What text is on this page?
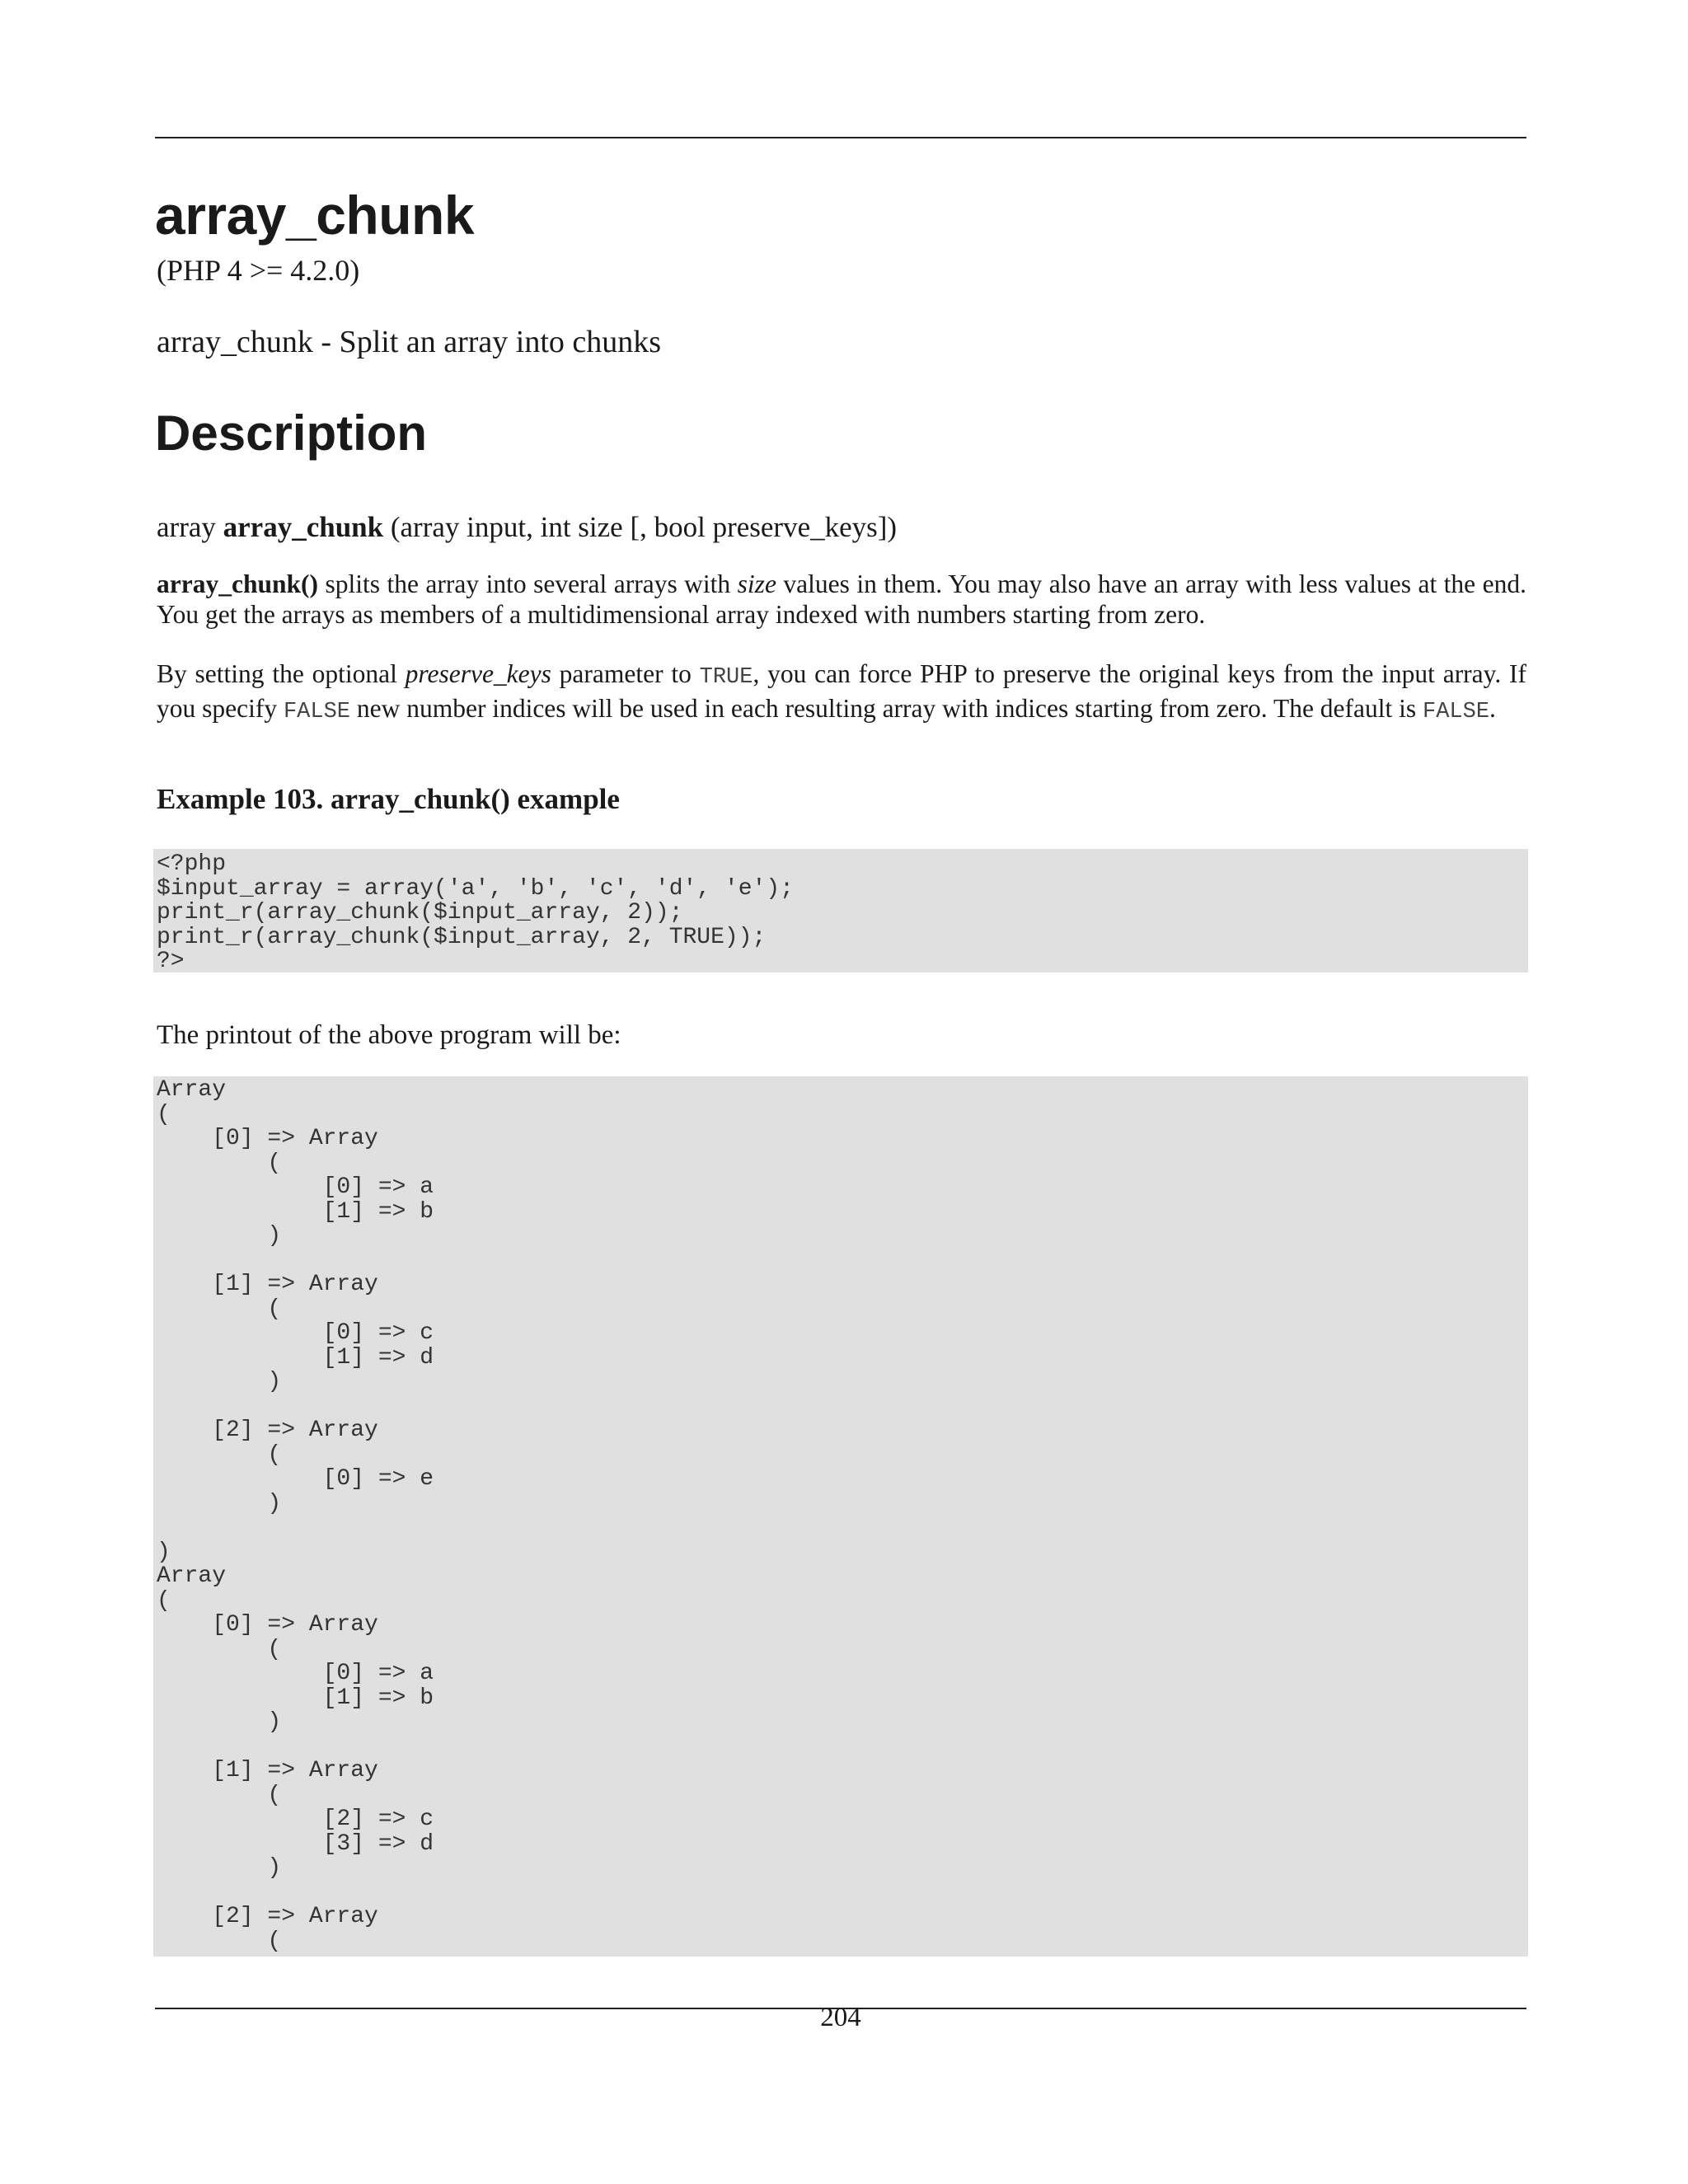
array_chunk
(PHP 4 >= 4.2.0)
array_chunk - Split an array into chunks
Description
array array_chunk (array input, int size [, bool preserve_keys])

array_chunk() splits the array into several arrays with size values in them. You may also have an array with less values at the end. You get the arrays as members of a multidimensional array indexed with numbers starting from zero.

By setting the optional preserve_keys parameter to TRUE, you can force PHP to preserve the original keys from the input array. If you specify FALSE new number indices will be used in each resulting array with indices starting from zero. The default is FALSE.

Example 103. array_chunk() example
<?php
$input_array = array('a', 'b', 'c', 'd', 'e');
print_r(array_chunk($input_array, 2));
print_r(array_chunk($input_array, 2, TRUE));
?>
The printout of the above program will be:
Array
(
[0] => Array
(
[0] => a
[1] => b
)

[1] => Array
(
[0] => c
[1] => d
)

[2] => Array
(
[0] => e
)

)
Array
(
[0] => Array
(
[0] => a
[1] => b
)

[1] => Array
(
[2] => c
[3] => d
)

[2] => Array
(
204
